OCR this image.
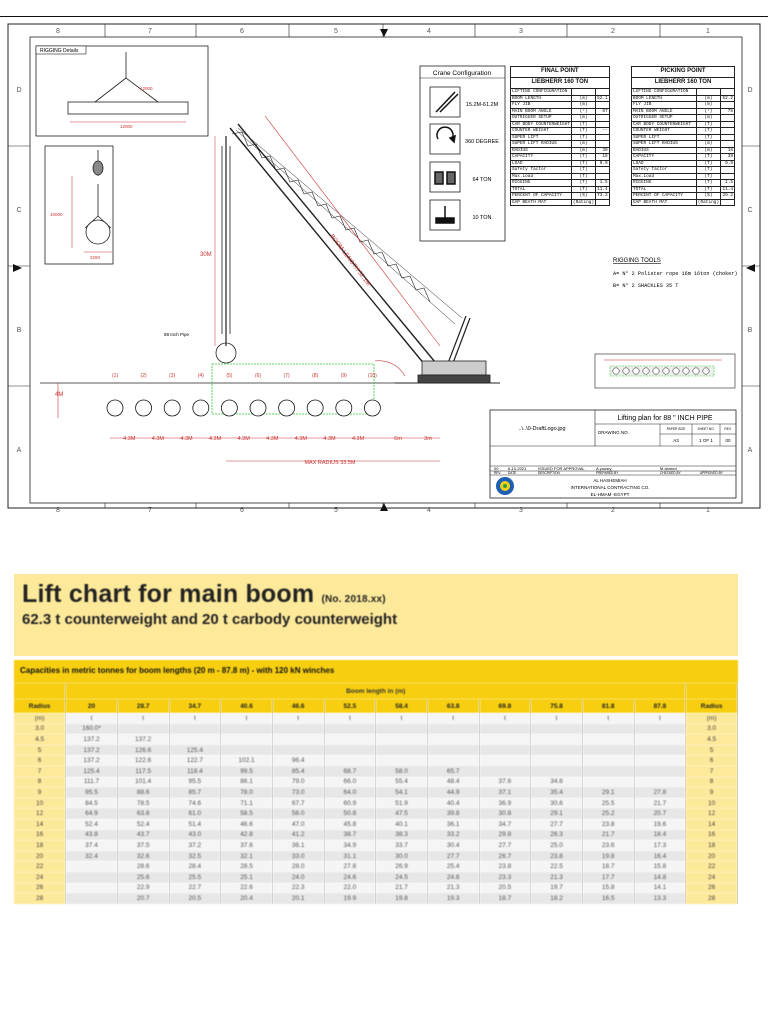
8	7	6	5	4	3	2	1
8	7	6	5	4	3	2	1
D
C
B
A
D
C
B
A
RIGGING Details
12000
12000
10000
2260	BOOM LENGTH 52.1M
30M
88 Inch Pipe
4M
(1)	(2)	(3)	(4)	(5)	(6)	(7)	(8)	(9)	(10)
4.3M	4.3M	4.3M	4.3M	4.3M	4.3M	4.3M	4.3M	4.3M	6m	3m
MAX RADIUS 33.5M
Crane Configuration
15.2M-61.2M
360 DEGREE
64 TON
10 TON
RIGGING TOOLS
A= N° 2 Polister rope 16m 16ton (choker)
B= N° 2 SHACKLES 35 T
Lifting plan for 88 " INCH PIPE
..\..\0-DraftLogo.jpg
DRAWING NO.
PAPER SIZE	SHEET NO.	REV.
A3	1 OF 1	00
00 6-10-2021	ISSUED FOR APPROVAL	A.yousry	M.ahmed
REV. DATE	DESCRIPTION	PREPARED BY	CHECKED BY	APPROVED BY
AL HASHEMIAH
INTERNATIONAL CONTRACTING CO.
EL-HMAM -EGYPT
FINAL POINT		
LIEBHERR 160 TON		
LIFTING CONFIGURATION		
BOOM LENGTH	(m)	52.1
FLY JIB	(m)	
MAIN BOOM ANGLE	(°)	67
OUTRIGGER SETUP	(m)	
CAR BODY COUNTERWEIGHT	(T)	
COUNTER WEIGHT	(T)	--
SUPER LIFT	(T)	
SUPER LIFT RADIUS	(m)	
RADIUS	(m)	30
CAPACITY	(T)	18
LOAD	(T)	9.9
Safety factor	(T)	
Max.Load	(T)	
RIGGING	(T)	1.5
TOTAL	(T)	11.4
PERCENT OF CAPACITY	(%)	73.3
GAP BEATH MAT	(Rating)	
PICKING POINT		
LIEBHERR 160 TON		
LIFTING CONFIGURATION		
BOOM LENGTH	(m)	52.2
FLY JIB	(m)	
MAIN BOOM ANGLE	(°)	75
OUTRIGGER SETUP	(m)	
CAR BODY COUNTERWEIGHT	(T)	
COUNTER WEIGHT	(T)	
SUPER LIFT	(T)	
SUPER LIFT RADIUS	(m)	
RADIUS	(m)	16
CAPACITY	(T)	39
LOAD	(T)	9.9
Safety factor	(T)	
Max.Load	(T)	
RIGGING	(T)	1.5
TOTAL	(T)	11.4
PERCENT OF CAPACITY	(%)	29.2
GAP BEATH MAT	(Rating)	
Lift chart for main boom (No. 2018.xx)
62.3 t counterweight and 20 t carbody counterweight
Capacities in metric tonnes for boom lengths (20 m - 87.8 m) - with 120 kN winches
	Boom length in (m)												
Radius	20	28.7	34.7	40.6	46.6	52.5	58.4	63.8	69.8	75.8	81.8	87.8	Radius
(m)	t	t	t	t	t	t	t	t	t	t	t	t	(m)
3.0	160.0*												3.0
4.5	137.2	137.2											4.5
5	137.2	126.6	125.4										5
6	137.2	122.6	122.7	102.1	96.4								6
7	125.4	117.5	118.4	99.5	85.4	68.7	58.0	65.7					7
8	111.7	101.4	95.5	86.1	79.0	66.0	55.4	48.4	37.6	34.6			8
9	95.5	88.6	85.7	78.0	73.0	64.0	54.1	44.9	37.1	35.4	29.1	27.8	9
10	84.5	78.5	74.6	71.1	67.7	60.9	51.9	40.4	36.9	30.6	25.5	21.7	10
12	64.9	63.8	61.0	58.5	56.0	50.8	47.5	39.8	30.8	29.1	25.2	20.7	12
14	52.4	52.4	51.4	46.6	47.0	45.8	40.1	36.1	34.7	27.7	23.8	19.6	14
16	43.8	43.7	43.0	42.8	41.2	38.7	38.3	33.2	29.8	26.3	21.7	18.4	16
18	37.4	37.5	37.2	37.6	36.1	34.9	33.7	30.4	27.7	25.0	23.6	17.3	18
20	32.4	32.6	32.5	32.1	33.0	31.1	30.0	27.7	26.7	23.8	19.8	16.4	20
22		28.6	28.4	28.5	28.0	27.8	26.9	25.4	23.8	22.5	18.7	15.8	22
24		25.6	25.5	25.1	24.0	24.6	24.5	24.6	23.3	21.3	17.7	14.8	24
26		22.9	22.7	22.6	22.3	22.0	21.7	21.3	20.5	19.7	15.8	14.1	26
28		20.7	20.5	20.4	20.1	19.9	19.8	19.3	18.7	18.2	16.5	13.3	28
